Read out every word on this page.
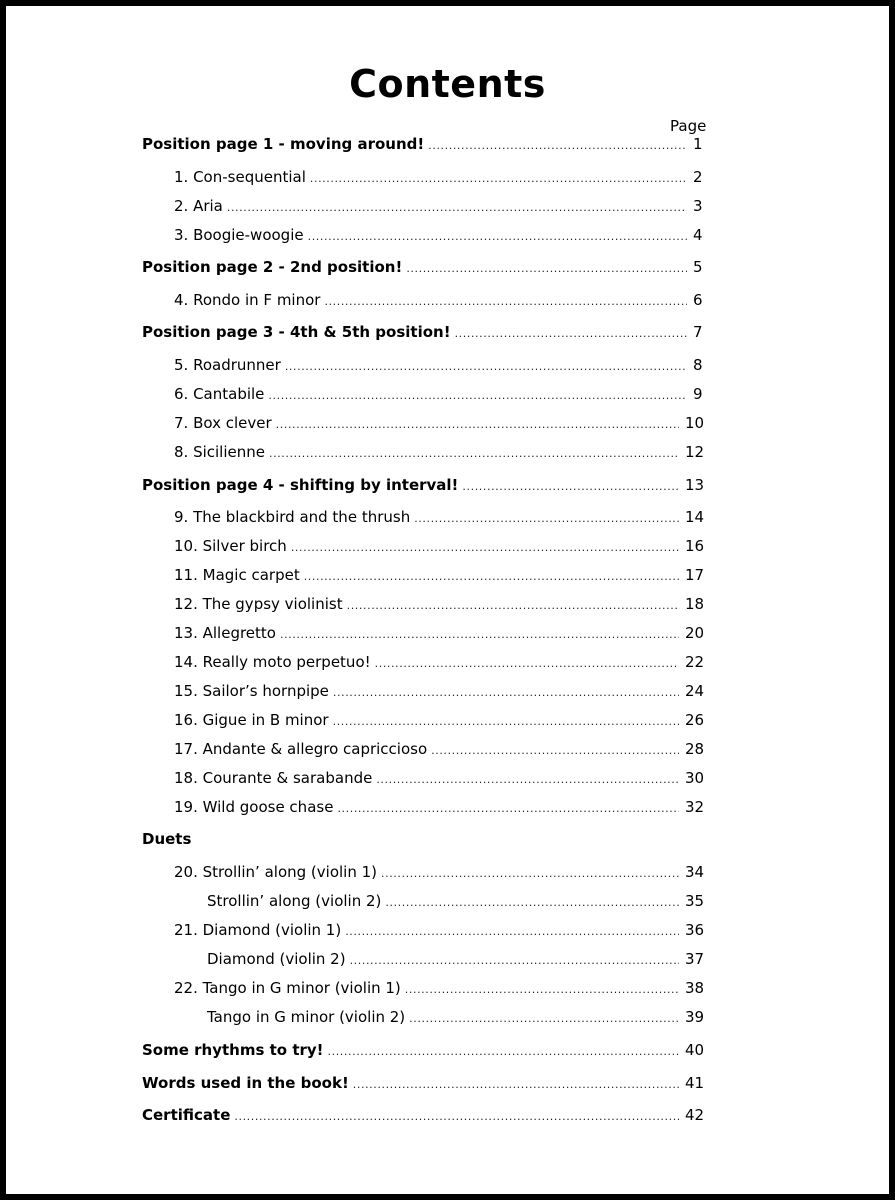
Contents
Page
Position page 1 - moving around! .....	1
1. Con-sequential .....	2
2. Aria .....	3
3. Boogie-woogie .....	4
Position page 2 - 2nd position! .....	5
4. Rondo in F minor .....	6
Position page 3 - 4th & 5th position! .....	7
5. Roadrunner .....	8
6. Cantabile .....	9
7. Box clever .....	10
8. Sicilienne .....	12
Position page 4 - shifting by interval! .....	13
9. The blackbird and the thrush .....	14
10. Silver birch .....	16
11. Magic carpet .....	17
12. The gypsy violinist .....	18
13. Allegretto .....	20
14. Really moto perpetuo! .....	22
15. Sailor’s hornpipe .....	24
16. Gigue in B minor .....	26
17. Andante & allegro capriccioso .....	28
18. Courante & sarabande .....	30
19. Wild goose chase .....	32
Duets
20. Strollin’ along (violin 1) .....	34
Strollin’ along (violin 2) .....	35
21. Diamond (violin 1) .....	36
Diamond (violin 2) .....	37
22. Tango in G minor (violin 1) .....	38
Tango in G minor (violin 2) .....	39
Some rhythms to try! .....	40
Words used in the book! .....	41
Certificate .....	42
